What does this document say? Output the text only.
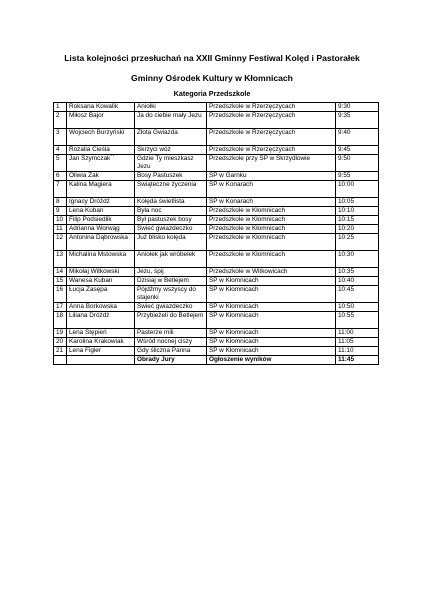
Lista kolejności przesłuchań na XXII Gminny Festiwal Kolęd i Pastorałek
Gminny Ośrodek Kultury w Kłomnicach
Kategoria Przedszkole
1	Roksana Kowalik	Aniołki	Przedszkole w Rzerzęczycach	9:30
2	Miłosz Bajor	Ja do ciebie mały Jezu	Przedszkole w Rzerzęczycach	9:35
3	Wojciech Burzyński	Złota Gwiazda	Przedszkole w Rzerzęczycach	9:40
4	Rozalia Cieśla	Skrzyci wóz	Przedszkole w Rzerzęczycach	9:45
5	Jan Szymczak``	Gdzie Ty mieszkasz Jezu	Przedszkole przy SP w Skrzydlowie	9:50
6	Oliwia Żak	Bosy Pastuszek	SP w Garnku	9:55
7	Kalina Magiera	Świąteczne życzenia	SP w Konarach	10:00
8	Ignacy Dróżdż	Kolęda świetlista	SP w Konarach	10:05
9	Lena Kuban	Była noc	Przedszkole w Kłomnicach	10:10
10	Filip Podsiedlik	Był pastuszek bosy	Przedszkole w Kłomnicach	10:15
11	Adrianna Worwąg	Świeć gwiazdeczko	Przedszkole w Kłomnicach	10:20
12	Antonina Dąbrowska	Już blisko kolęda	Przedszkole w Kłomnicach	10:25
13	Michalina Mstowska	Aniołek jak wróbelek	Przedszkole w Kłomnicach	10:30
14	Mikołaj Witkowski	Jezu, śpij	Przedszkole w Witkowicach	10:35
15	Wanesa Kuban	Dzisiaj w Betlejem	SP w Kłomnicach	10:40
16	Łucja Zasępa	Pójdźmy wszyscy do stajenki	SP w Kłomnicach	10:45
17	Anna Borkowska	Świeć gwiazdeczko	SP w Kłomnicach	10:50
18	Liliana Dróżdż	Przybieżeli do Betlejem	SP w Kłomnicach	10:55
19	Lena Stępień	Pasterze mili	SP w Kłomnicach	11:00
20	Karolina Krakowiak	Wśród nocnej ciszy	SP w Kłomnicach	11:05
21	Lena Figler	Gdy śliczna Panna	SP w Kłomnicach	11:10
		Obrady Jury	Ogłoszenie wyników	11:45
